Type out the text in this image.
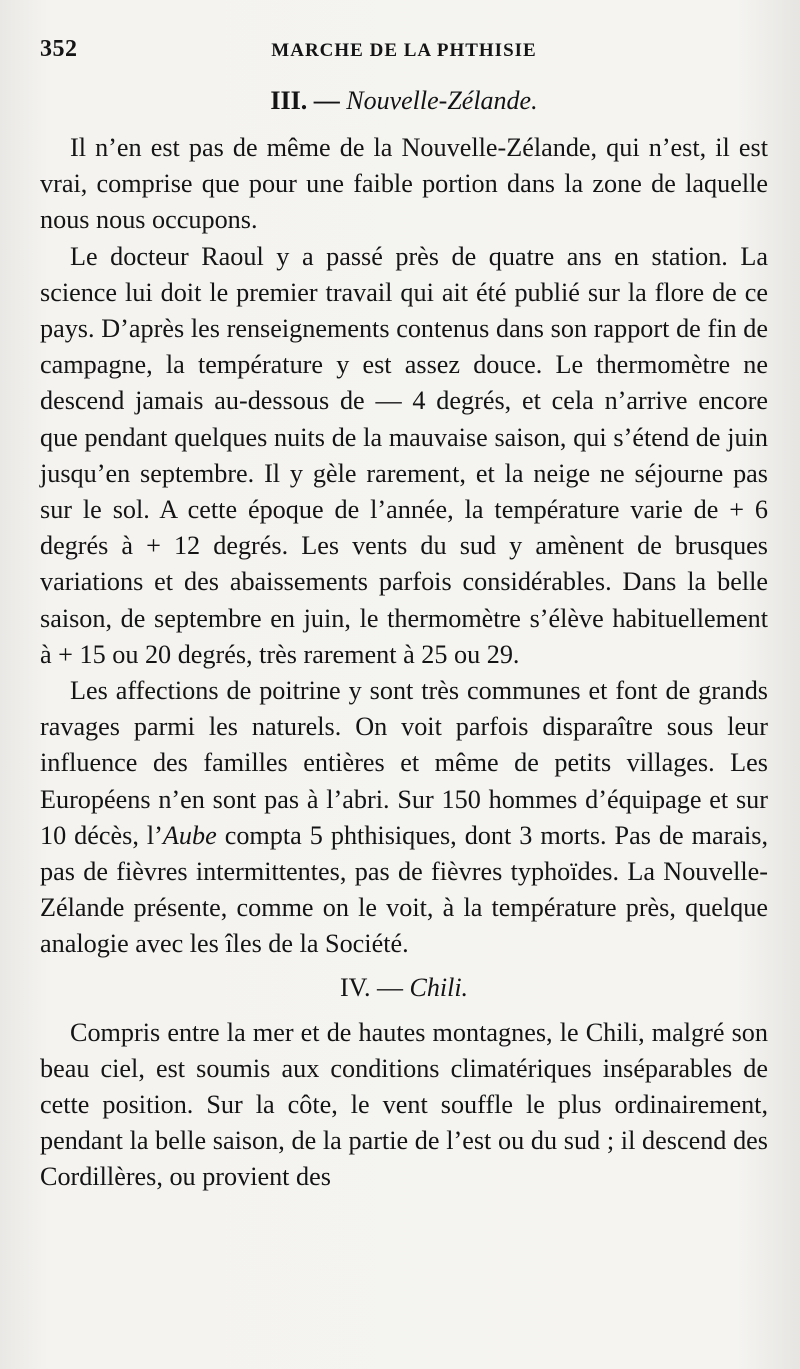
352	MARCHE DE LA PHTHISIE
III. — Nouvelle-Zélande.

Il n’en est pas de même de la Nouvelle-Zélande, qui n’est, il est vrai, comprise que pour une faible portion dans la zone de laquelle nous nous occupons.

Le docteur Raoul y a passé près de quatre ans en station. La science lui doit le premier travail qui ait été publié sur la flore de ce pays. D’après les renseignements contenus dans son rapport de fin de campagne, la température y est assez douce. Le thermomètre ne descend jamais au-dessous de — 4 degrés, et cela n’arrive encore que pendant quelques nuits de la mauvaise saison, qui s’étend de juin jusqu’en septembre. Il y gèle rarement, et la neige ne séjourne pas sur le sol. A cette époque de l’année, la température varie de + 6 degrés à + 12 degrés. Les vents du sud y amènent de brusques variations et des abaissements parfois considérables. Dans la belle saison, de septembre en juin, le thermomètre s’élève habituellement à + 15 ou 20 degrés, très rarement à 25 ou 29.

Les affections de poitrine y sont très communes et font de grands ravages parmi les naturels. On voit parfois disparaître sous leur influence des familles entières et même de petits villages. Les Européens n’en sont pas à l’abri. Sur 150 hommes d’équipage et sur 10 décès, l’Aube compta 5 phthisiques, dont 3 morts. Pas de marais, pas de fièvres intermittentes, pas de fièvres typhoïdes. La Nouvelle-Zélande présente, comme on le voit, à la température près, quelque analogie avec les îles de la Société.

IV. — Chili.

Compris entre la mer et de hautes montagnes, le Chili, malgré son beau ciel, est soumis aux conditions climatériques inséparables de cette position. Sur la côte, le vent souffle le plus ordinairement, pendant la belle saison, de la partie de l’est ou du sud ; il descend des Cordillères, ou provient des
